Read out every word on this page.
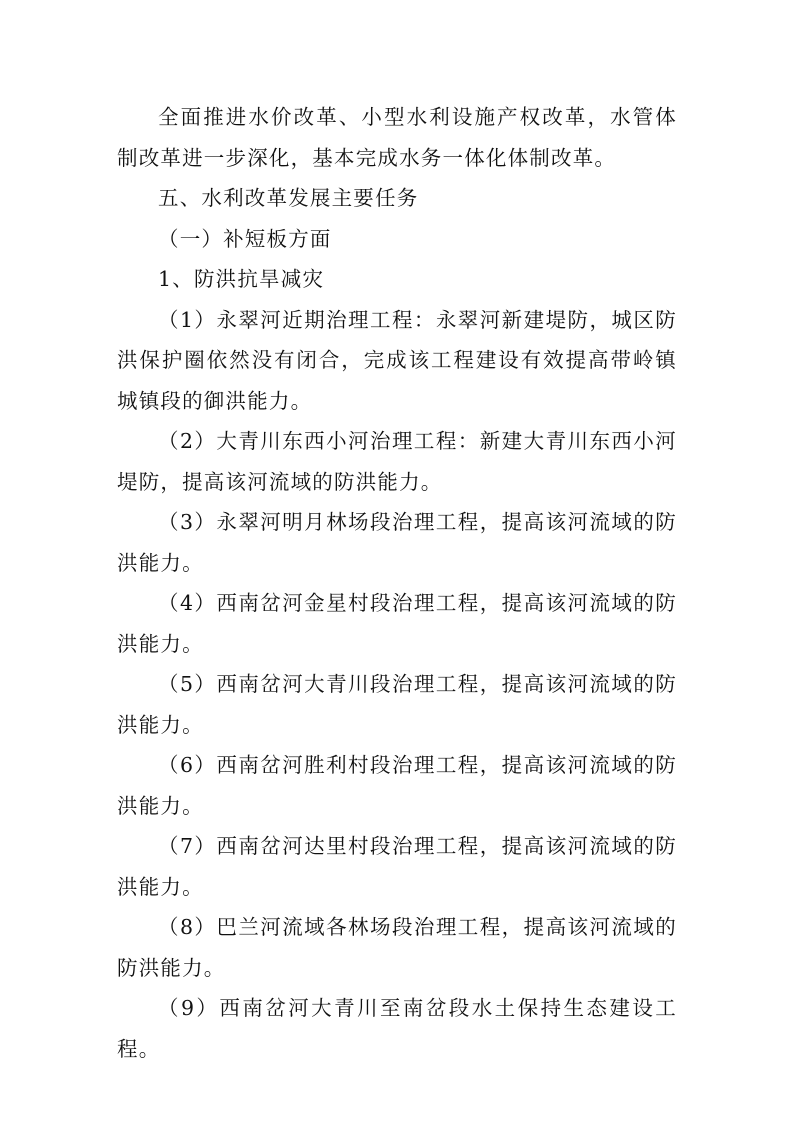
全面推进水价改革、小型水利设施产权改革，水管体制改革进一步深化，基本完成水务一体化体制改革。

五、水利改革发展主要任务

（一）补短板方面

1、防洪抗旱减灾

（1）永翠河近期治理工程：永翠河新建堤防，城区防洪保护圈依然没有闭合，完成该工程建设有效提高带岭镇城镇段的御洪能力。

（2）大青川东西小河治理工程：新建大青川东西小河堤防，提高该河流域的防洪能力。

（3）永翠河明月林场段治理工程，提高该河流域的防洪能力。

（4）西南岔河金星村段治理工程，提高该河流域的防洪能力。

（5）西南岔河大青川段治理工程，提高该河流域的防洪能力。

（6）西南岔河胜利村段治理工程，提高该河流域的防洪能力。

（7）西南岔河达里村段治理工程，提高该河流域的防洪能力。

（8）巴兰河流域各林场段治理工程，提高该河流域的防洪能力。

（9）西南岔河大青川至南岔段水土保持生态建设工程。
